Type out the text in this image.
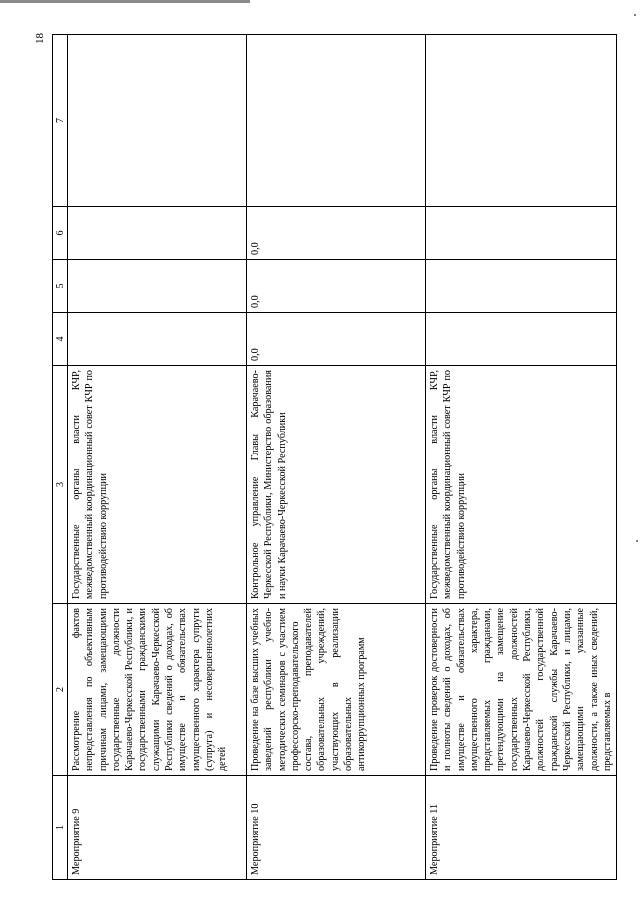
18
1	2	3	4	5	6	7
Мероприятие 9	Рассмотрение фактов непредставления по объективным причинам лицами, замещающими государственные должности Карачаево-Черкесской Республики, и государственными гражданскими служащими Карачаево-Черкесской Республики сведений о доходах, об имуществе и обязательствах имущественного характера супруги (супруга) и несовершеннолетних детей	Государственные органы власти КЧР, межведомственный координационный совет КЧР по противодействию коррупции				
Мероприятие 10	Проведение на базе высших учебных заведений республики учебно-методических семинаров с участием профессорско-преподавательского состава, преподавателей образовательных учреждений, участвующих в реализации образовательных антикоррупционных программ	Контрольное управление Главы Карачаево-Черкесской Республики, Министерство образования и науки Карачаево-Черкесской Республики	0,0	0,0	0,0	
Мероприятие 11	Проведение проверок достоверности и полноты сведений о доходах, об имуществе и обязательствах имущественного характера, представляемых гражданами, претендующими на замещение государственных должностей Карачаево-Черкесской Республики, должностей государственной гражданской службы Карачаево-Черкесской Республики, и лицами, замещающими указанные должности, а также иных сведений, представляемых в	Государственные органы власти КЧР, межведомственный координационный совет КЧР по противодействию коррупции				
